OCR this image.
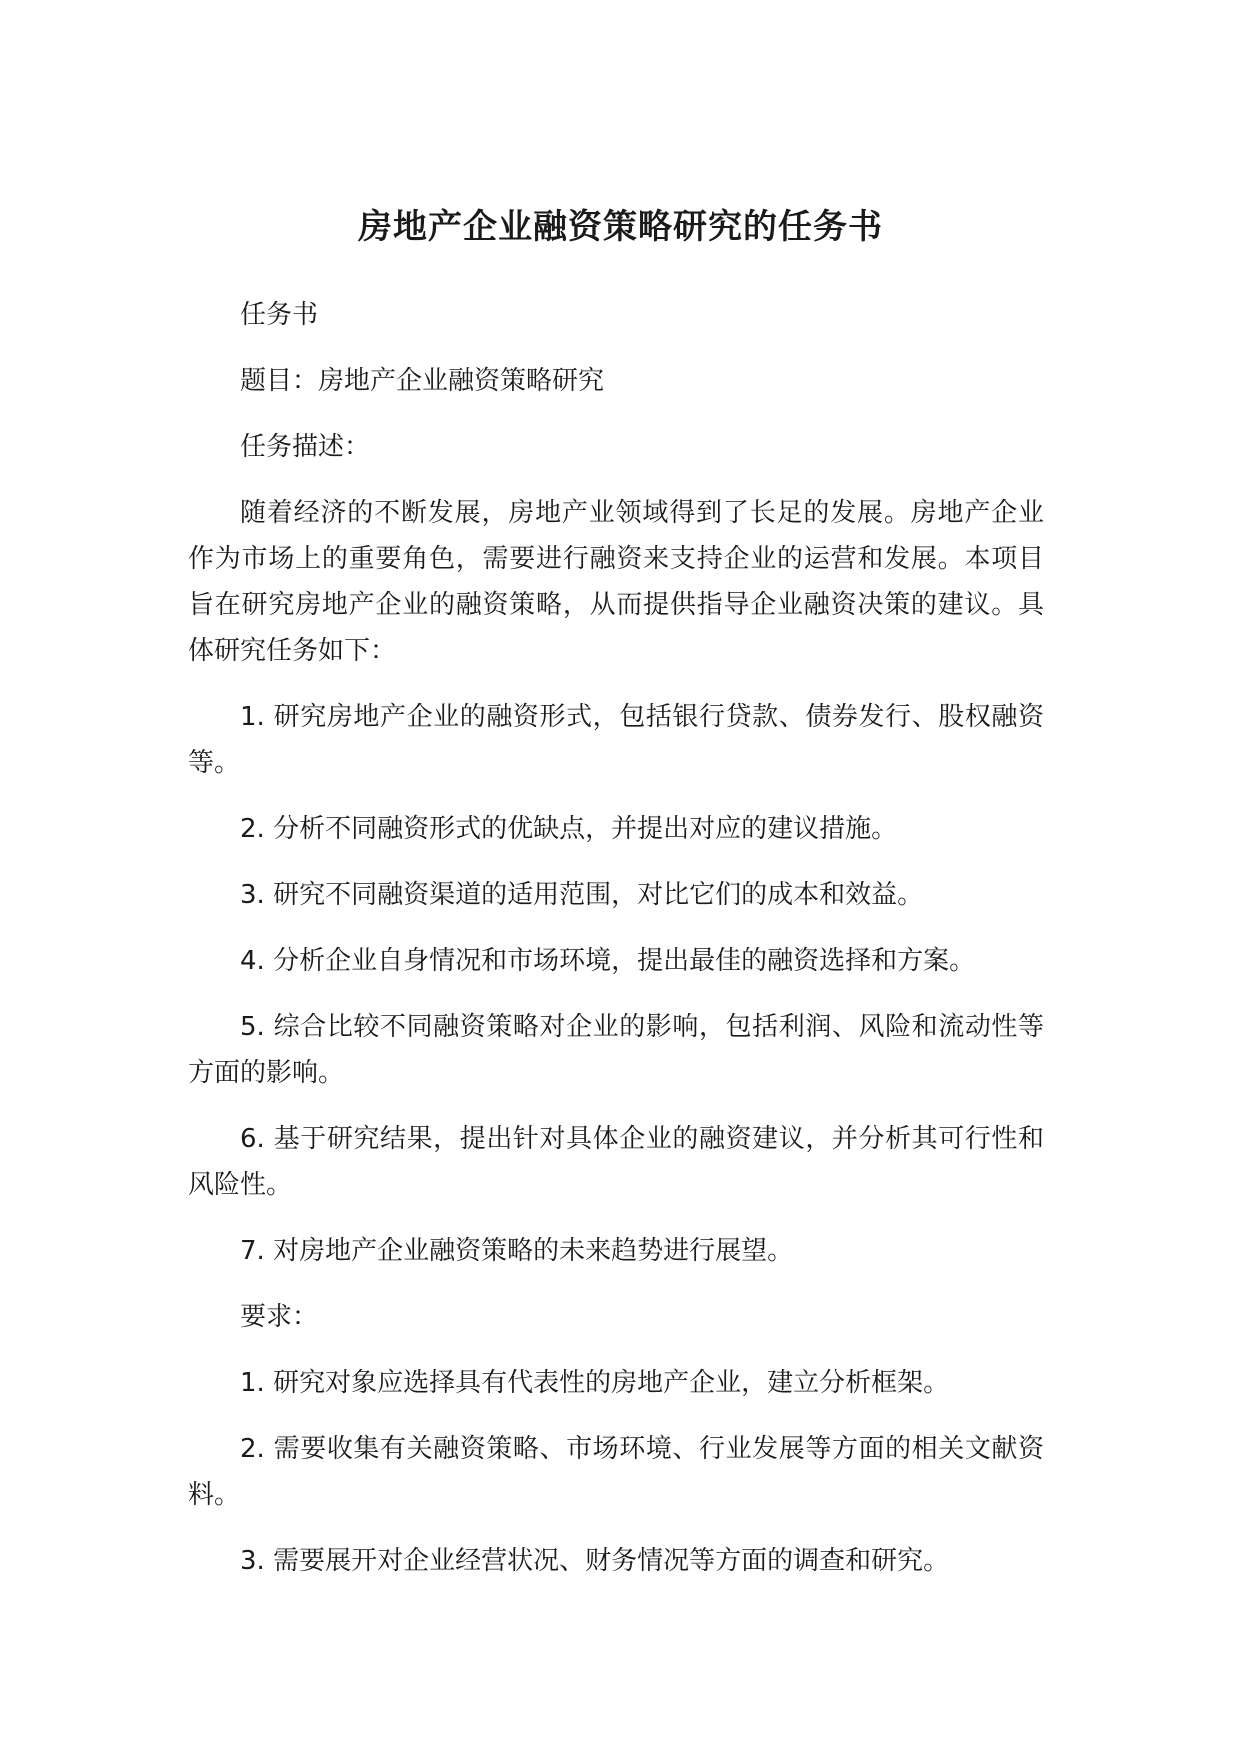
房地产企业融资策略研究的任务书

任务书

题目：房地产企业融资策略研究

任务描述：

随着经济的不断发展，房地产业领域得到了长足的发展。房地产企业作为市场上的重要角色，需要进行融资来支持企业的运营和发展。本项目旨在研究房地产企业的融资策略，从而提供指导企业融资决策的建议。具体研究任务如下：

1. 研究房地产企业的融资形式，包括银行贷款、债券发行、股权融资等。

2. 分析不同融资形式的优缺点，并提出对应的建议措施。

3. 研究不同融资渠道的适用范围，对比它们的成本和效益。

4. 分析企业自身情况和市场环境，提出最佳的融资选择和方案。

5. 综合比较不同融资策略对企业的影响，包括利润、风险和流动性等方面的影响。

6. 基于研究结果，提出针对具体企业的融资建议，并分析其可行性和风险性。

7. 对房地产企业融资策略的未来趋势进行展望。

要求：

1. 研究对象应选择具有代表性的房地产企业，建立分析框架。

2. 需要收集有关融资策略、市场环境、行业发展等方面的相关文献资料。

3. 需要展开对企业经营状况、财务情况等方面的调查和研究。
